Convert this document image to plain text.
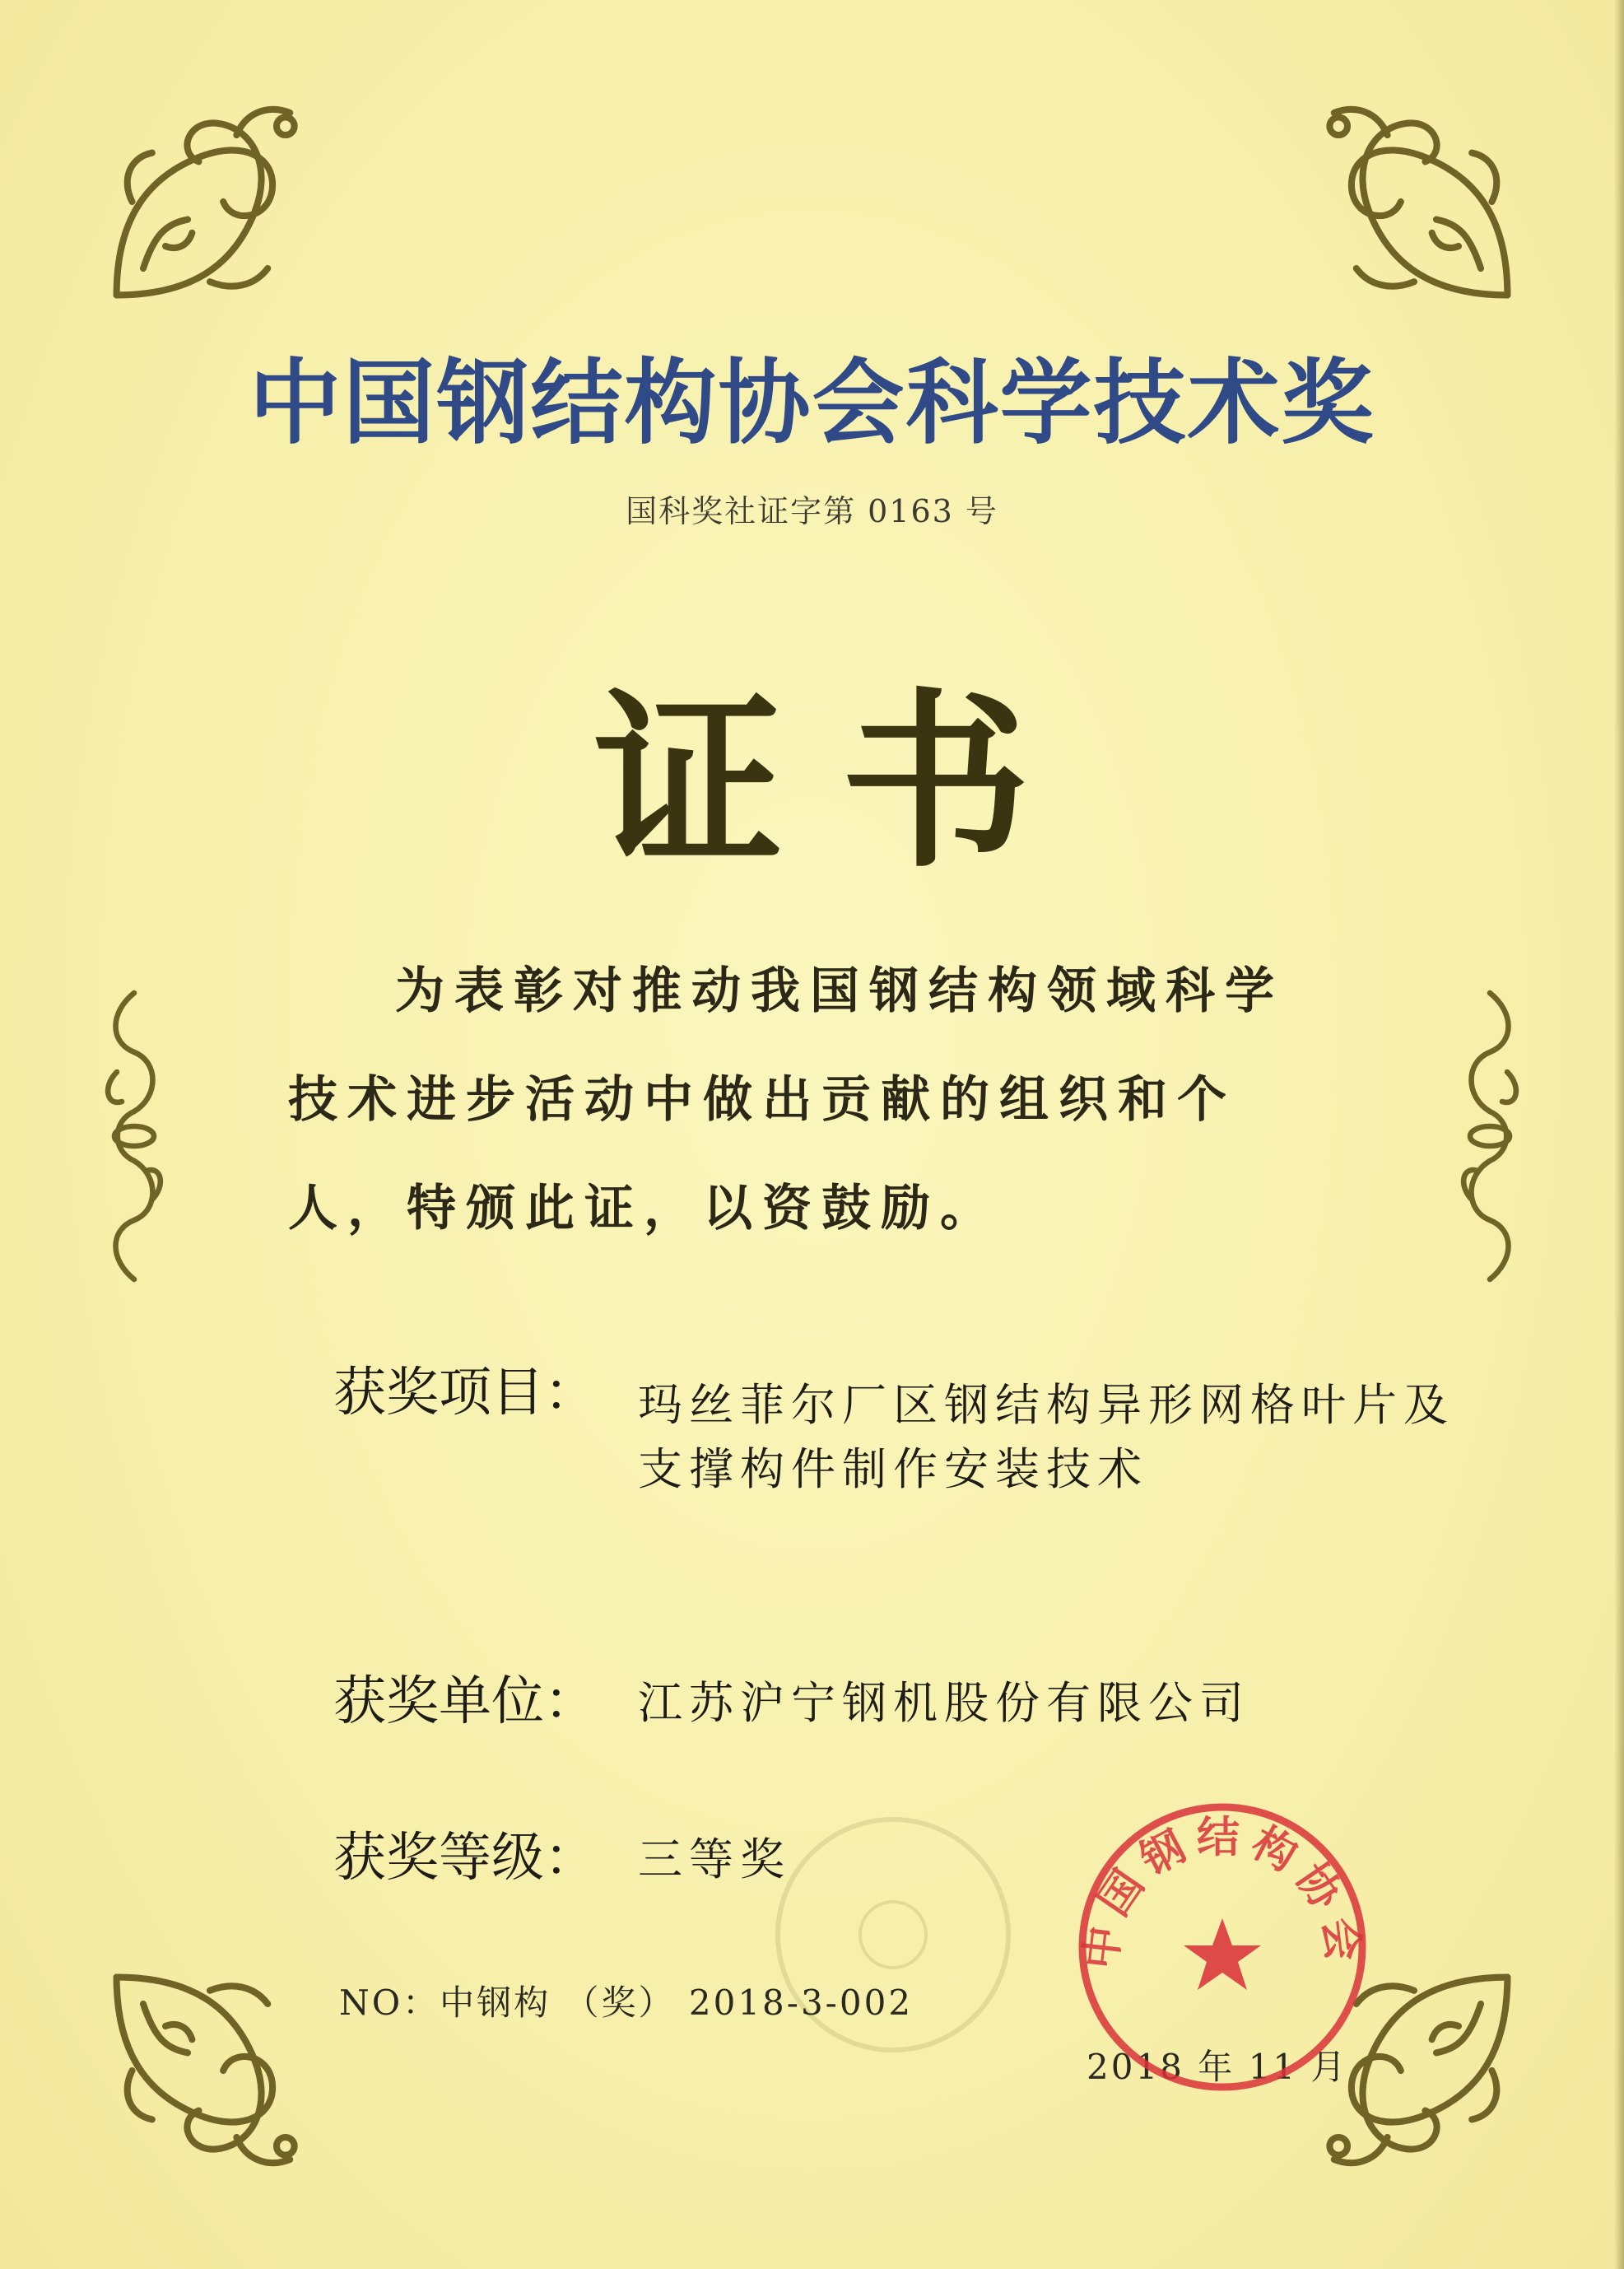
中国钢结构协会科学技术奖
国科奖社证字第 0163 号
证书
为表彰对推动我国钢结构领域科学技术进步活动中做出贡献的组织和个人，特颁此证，以资鼓励。
获奖项目： 玛丝菲尔厂区钢结构异形网格叶片及支撑构件制作安装技术
获奖单位： 江苏沪宁钢机股份有限公司
获奖等级： 三等奖
NO：中钢构 （奖） 2018-3-002
2018 年 11 月
中国钢结构协会
